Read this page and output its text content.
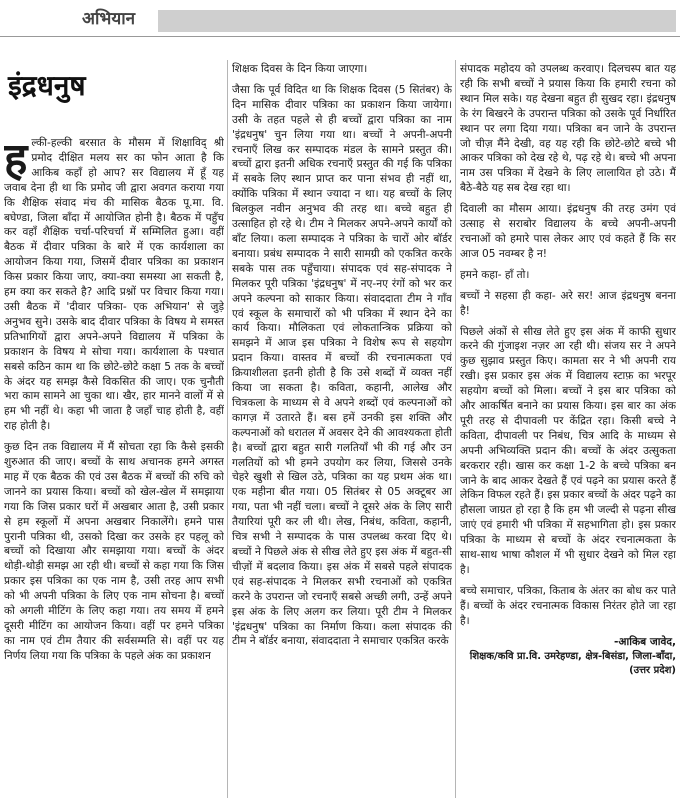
अभियान
इंद्रधनुष

हल्की-हल्की बरसात के मौसम में शिक्षाविद् श्री प्रमोद दीक्षित मलय सर का फोन आता है कि आकिब कहाँ हो आप? सर विद्यालय में हूँ यह जवाब देना ही था कि प्रमोद जी द्वारा अवगत कराया गया कि शैक्षिक संवाद मंच की मासिक बैठक पू.मा. वि. बघेण्डा, जिला बाँदा में आयोजित होनी है। बैठक में पहुँच कर वहाँ शैक्षिक चर्चा-परिचर्चा में सम्मिलित हुआ। वहीं बैठक में दीवार पत्रिका के बारे में एक कार्यशाला का आयोजन किया गया, जिसमें दीवार पत्रिका का प्रकाशन किस प्रकार किया जाए, क्या-क्या समस्या आ सकती है, हम क्या कर सकते है? आदि प्रश्नों पर विचार किया गया। उसी बैठक में 'दीवार पत्रिका- एक अभियान' से जुड़े अनुभव सुने। उसके बाद दीवार पत्रिका के विषय मे समस्त प्रतिभागियों द्वारा अपने-अपने विद्यालय में पत्रिका के प्रकाशन के विषय मे सोचा गया। कार्यशाला के पश्चात सबसे कठिन काम था कि छोटे-छोटे कक्षा 5 तक के बच्चों के अंदर यह समझ कैसे विकसित की जाए। एक चुनौती भरा काम सामने आ चुका था। खैर, हार मानने वालों में से हम भी नहीं थे। कहा भी जाता है जहाँ चाह होती है, वहीं राह होती है।

कुछ दिन तक विद्यालय में मैं सोचता रहा कि कैसे इसकी शुरुआत की जाए। बच्चों के साथ अचानक हमने अगस्त माह में एक बैठक की एवं उस बैठक में बच्चों की रुचि को जानने का प्रयास किया। बच्चों को खेल-खेल में समझाया गया कि जिस प्रकार घरों में अखबार आता है, उसी प्रकार से हम स्कूलों में अपना अखबार निकालेंगे। हमने पास पुरानी पत्रिका थी, उसको दिखा कर उसके हर पहलू को बच्चों को दिखाया और समझाया गया। बच्चों के अंदर थोड़ी-थोड़ी समझ आ रही थी। बच्चों से कहा गया कि जिस प्रकार इस पत्रिका का एक नाम है, उसी तरह आप सभी को भी अपनी पत्रिका के लिए एक नाम सोचना है। बच्चों को अगली मीटिंग के लिए कहा गया। तय समय में हमने दूसरी मीटिंग का आयोजन किया। वहीं पर हमने पत्रिका का नाम एवं टीम तैयार की सर्वसम्मति से। वहीं पर यह निर्णय लिया गया कि पत्रिका के पहले अंक का प्रकाशन

शिक्षक दिवस के दिन किया जाएगा।

जैसा कि पूर्व विदित था कि शिक्षक दिवस (5 सितंबर) के दिन मासिक दीवार पत्रिका का प्रकाशन किया जायेगा। उसी के तहत पहले से ही बच्चों द्वारा पत्रिका का नाम 'इंद्रधनुष' चुन लिया गया था। बच्चों ने अपनी-अपनी रचनाएँ लिख कर सम्पादक मंडल के सामने प्रस्तुत की। बच्चों द्वारा इतनी अधिक रचनाएँ प्रस्तुत की गई कि पत्रिका में सबके लिए स्थान प्राप्त कर पाना संभव ही नहीं था, क्योंकि पत्रिका में स्थान ज्यादा न था। यह बच्चों के लिए बिलकुल नवीन अनुभव की तरह था। बच्चे बहुत ही उत्साहित हो रहे थे। टीम ने मिलकर अपने-अपने कार्यों को बाँट लिया। कला सम्पादक ने पत्रिका के चारों ओर बॉर्डर बनाया। प्रबंध सम्पादक ने सारी सामग्री को एकत्रित करके सबके पास तक पहुँचाया। संपादक एवं सह-संपादक ने मिलकर पूरी पत्रिका 'इंद्रधनुष' में नए-नए रंगों को भर कर अपने कल्पना को साकार किया। संवाददाता टीम ने गाँव एवं स्कूल के समाचारों को भी पत्रिका में स्थान देने का कार्य किया। मौलिकता एवं लोकतान्त्रिक प्रक्रिया को समझने में आज इस पत्रिका ने विशेष रूप से सहयोग प्रदान किया। वास्तव में बच्चों की रचनात्मकता एवं क्रियाशीलता इतनी होती है कि उसे शब्दों में व्यक्त नहीं किया जा सकता है। कविता, कहानी, आलेख और चित्रकला के माध्यम से वे अपने शब्दों एवं कल्पनाओं को कागज़ में उतारते हैं। बस हमें उनकी इस शक्ति और कल्पनाओं को धरातल में अवसर देने की आवश्यकता होती है। बच्चों द्वारा बहुत सारी गलतियाँ भी की गई और उन गलतियों को भी हमने उपयोग कर लिया, जिससे उनके चेहरे खुशी से खिल उठे, पत्रिका का यह प्रथम अंक था। एक महीना बीत गया। 05 सितंबर से 05 अक्टूबर आ गया, पता भी नहीं चला। बच्चों ने दूसरे अंक के लिए सारी तैयारियां पूरी कर ली थी। लेख, निबंध, कविता, कहानी, चित्र सभी ने सम्पादक के पास उपलब्ध करवा दिए थे। बच्चों ने पिछले अंक से सीख लेते हुए इस अंक में बहुत-सी चीज़ों में बदलाव किया। इस अंक में सबसे पहले संपादक एवं सह-संपादक ने मिलकर सभी रचनाओं को एकत्रित करने के उपरान्त जो रचनाएँ सबसे अच्छी लगी, उन्हें अपने इस अंक के लिए अलग कर लिया। पूरी टीम ने मिलकर 'इंद्रधनुष' पत्रिका का निर्माण किया। कला संपादक की टीम ने बॉर्डर बनाया, संवाददाता ने समाचार एकत्रित करके

संपादक महोदय को उपलब्ध करवाए। दिलचस्प बात यह रही कि सभी बच्चों ने प्रयास किया कि हमारी रचना को स्थान मिल सके। यह देखना बहुत ही सुखद रहा। इंद्रधनुष के रंग बिखरने के उपरान्त पत्रिका को उसके पूर्व निर्धारित स्थान पर लगा दिया गया। पत्रिका बन जाने के उपरान्त जो चीज़ मैंने देखी, वह यह रही कि छोटे-छोटे बच्चे भी आकर पत्रिका को देख रहे थे, पढ़ रहे थे। बच्चे भी अपना नाम उस पत्रिका में देखने के लिए लालायित हो उठे। मैं बैठे-बैठे यह सब देख रहा था।

दिवाली का मौसम आया। इंद्रधनुष की तरह उमंग एवं उत्साह से सराबोर विद्यालय के बच्चे अपनी-अपनी रचनाओं को हमारे पास लेकर आए एवं कहते हैं कि सर आज 05 नवम्बर है न!

हमने कहा- हाँ तो।

बच्चों ने सहसा ही कहा- अरे सर! आज इंद्रधनुष बनना है!

पिछले अंकों से सीख लेते हुए इस अंक में काफी सुधार करने की गुंजाइश नज़र आ रही थी। संजय सर ने अपने कुछ सुझाव प्रस्तुत किए। कामता सर ने भी अपनी राय रखी। इस प्रकार इस अंक में विद्यालय स्टाफ़ का भरपूर सहयोग बच्चों को मिला। बच्चों ने इस बार पत्रिका को और आकर्षित बनाने का प्रयास किया। इस बार का अंक पूरी तरह से दीपावली पर केंद्रित रहा। किसी बच्चे ने कविता, दीपावली पर निबंध, चित्र आदि के माध्यम से अपनी अभिव्यक्ति प्रदान की। बच्चों के अंदर उत्सुकता बरकरार रही। खास कर कक्षा 1-2 के बच्चे पत्रिका बन जाने के बाद आकर देखते हैं एवं पढ़ने का प्रयास करते हैं लेकिन विफल रहते हैं। इस प्रकार बच्चों के अंदर पढ़ने का हौसला जाग्रत हो रहा है कि हम भी जल्दी से पढ़ना सीख जाएं एवं हमारी भी पत्रिका में सहभागिता हो। इस प्रकार पत्रिका के माध्यम से बच्चों के अंदर रचनात्मकता के साथ-साथ भाषा कौशल में भी सुधार देखने को मिल रहा है।

बच्चे समाचार, पत्रिका, किताब के अंतर का बोध कर पाते हैं। बच्चों के अंदर रचनात्मक विकास निरंतर होते जा रहा है।

-आकिब जावेद,
शिक्षक/कवि प्रा.वि. उमरेहण्डा, क्षेत्र-बिसंडा, जिला-बाँदा,
(उत्तर प्रदेश)
